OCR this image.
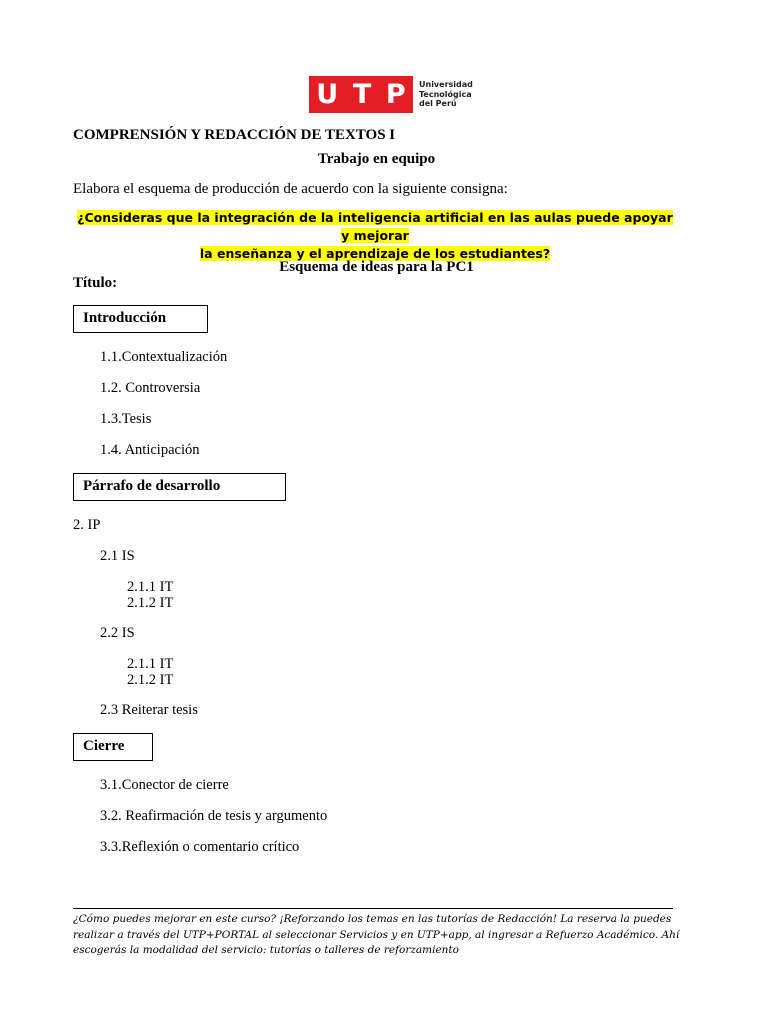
U T P Universidad
Tecnológica
del Perú
COMPRENSIÓN Y REDACCIÓN DE TEXTOS I
Trabajo en equipo
Elabora el esquema de producción de acuerdo con la siguiente consigna:
¿Consideras que la integración de la inteligencia artificial en las aulas puede apoyar y mejorar
la enseñanza y el aprendizaje de los estudiantes?
Esquema de ideas para la PC1
Título:
Introducción
1.1.Contextualización
1.2. Controversia
1.3.Tesis
1.4. Anticipación
Párrafo de desarrollo
2. IP
2.1 IS
2.1.1 IT
2.1.2 IT
2.2 IS
2.1.1 IT
2.1.2 IT
2.3 Reiterar tesis
Cierre
3.1.Conector de cierre
3.2. Reafirmación de tesis y argumento
3.3.Reflexión o comentario crítico
¿Cómo puedes mejorar en este curso? ¡Reforzando los temas en las tutorías de Redacción! La reserva la puedes
realizar a través del UTP+PORTAL al seleccionar Servicios y en UTP+app, al ingresar a Refuerzo Académico. Ahí
escogerás la modalidad del servicio: tutorías o talleres de reforzamiento
